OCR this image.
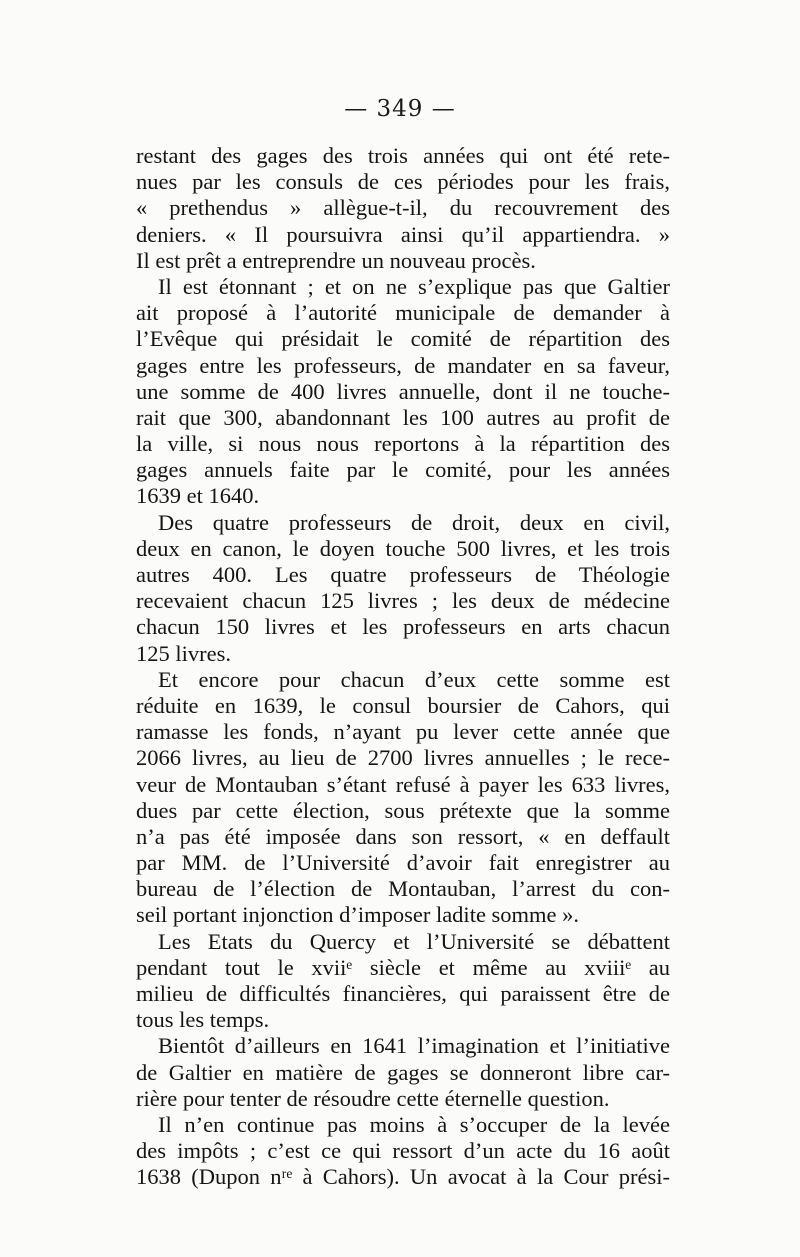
— 349 —
restant des gages des trois années qui ont été rete-
nues par les consuls de ces périodes pour les frais,
« prethendus » allègue-t-il, du recouvrement des
deniers. « Il poursuivra ainsi qu’il appartiendra. »
Il est prêt a entreprendre un nouveau procès.
Il est étonnant ; et on ne s’explique pas que Galtier
ait proposé à l’autorité municipale de demander à
l’Evêque qui présidait le comité de répartition des
gages entre les professeurs, de mandater en sa faveur,
une somme de 400 livres annuelle, dont il ne touche-
rait que 300, abandonnant les 100 autres au profit de
la ville, si nous nous reportons à la répartition des
gages annuels faite par le comité, pour les années
1639 et 1640.
Des quatre professeurs de droit, deux en civil,
deux en canon, le doyen touche 500 livres, et les trois
autres 400. Les quatre professeurs de Théologie
recevaient chacun 125 livres ; les deux de médecine
chacun 150 livres et les professeurs en arts chacun
125 livres.
Et encore pour chacun d’eux cette somme est
réduite en 1639, le consul boursier de Cahors, qui
ramasse les fonds, n’ayant pu lever cette année que
2066 livres, au lieu de 2700 livres annuelles ; le rece-
veur de Montauban s’étant refusé à payer les 633 livres,
dues par cette élection, sous prétexte que la somme
n’a pas été imposée dans son ressort, « en deffault
par MM. de l’Université d’avoir fait enregistrer au
bureau de l’élection de Montauban, l’arrest du con-
seil portant injonction d’imposer ladite somme ».
Les Etats du Quercy et l’Université se débattent
pendant tout le xviiᵉ siècle et même au xviiiᵉ au
milieu de difficultés financières, qui paraissent être de
tous les temps.
Bientôt d’ailleurs en 1641 l’imagination et l’initiative
de Galtier en matière de gages se donneront libre car-
rière pour tenter de résoudre cette éternelle question.
Il n’en continue pas moins à s’occuper de la levée
des impôts ; c’est ce qui ressort d’un acte du 16 août
1638 (Dupon nʳᵉ à Cahors). Un avocat à la Cour prési-
